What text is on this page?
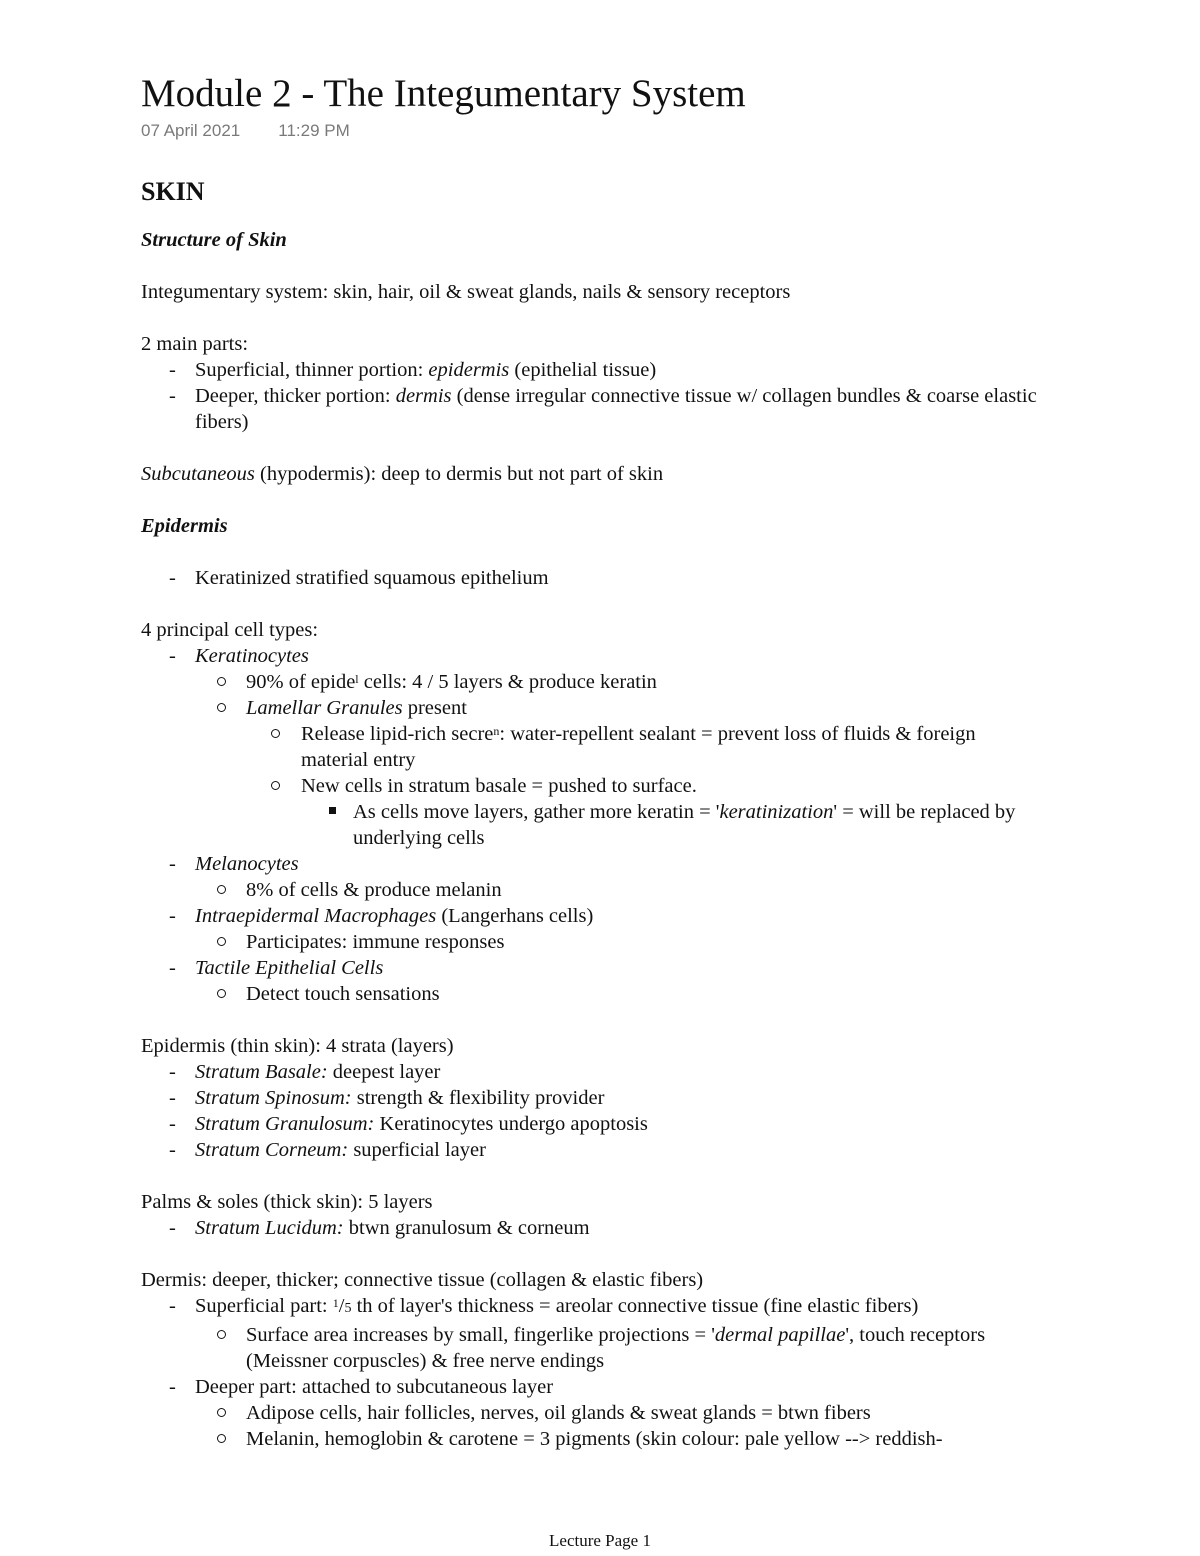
Module 2 - The Integumentary System
07 April 2021 11:29 PM
SKIN

Structure of Skin

Integumentary system: skin, hair, oil & sweat glands, nails & sensory receptors

2 main parts:

- Superficial, thinner portion: epidermis (epithelial tissue)
- Deeper, thicker portion: dermis (dense irregular connective tissue w/ collagen bundles & coarse elastic fibers)

Subcutaneous (hypodermis): deep to dermis but not part of skin

Epidermis

- Keratinized stratified squamous epithelium

4 principal cell types:

- Keratinocytes
90% of epide$^l$ cells: 4 / 5 layers & produce keratin
Lamellar Granules present
Release lipid-rich secre$^n$: water-repellent sealant = prevent loss of fluids & foreign material entry
New cells in stratum basale = pushed to surface.
As cells move layers, gather more keratin = 'keratinization' = will be replaced by underlying cells
- Melanocytes
8% of cells & produce melanin
- Intraepidermal Macrophages (Langerhans cells)
Participates: immune responses
- Tactile Epithelial Cells
Detect touch sensations

Epidermis (thin skin): 4 strata (layers)

- Stratum Basale: deepest layer
- Stratum Spinosum: strength & flexibility provider
- Stratum Granulosum: Keratinocytes undergo apoptosis
- Stratum Corneum: superficial layer

Palms & soles (thick skin): 5 layers

- Stratum Lucidum: btwn granulosum & corneum

Dermis: deeper, thicker; connective tissue (collagen & elastic fibers)

- Superficial part: $^1$/5 th of layer's thickness = areolar connective tissue (fine elastic fibers)
Surface area increases by small, fingerlike projections = 'dermal papillae', touch receptors (Meissner corpuscles) & free nerve endings
- Deeper part: attached to subcutaneous layer
Adipose cells, hair follicles, nerves, oil glands & sweat glands = btwn fibers
Melanin, hemoglobin & carotene = 3 pigments (skin colour: pale yellow --> reddish-
Lecture Page 1
